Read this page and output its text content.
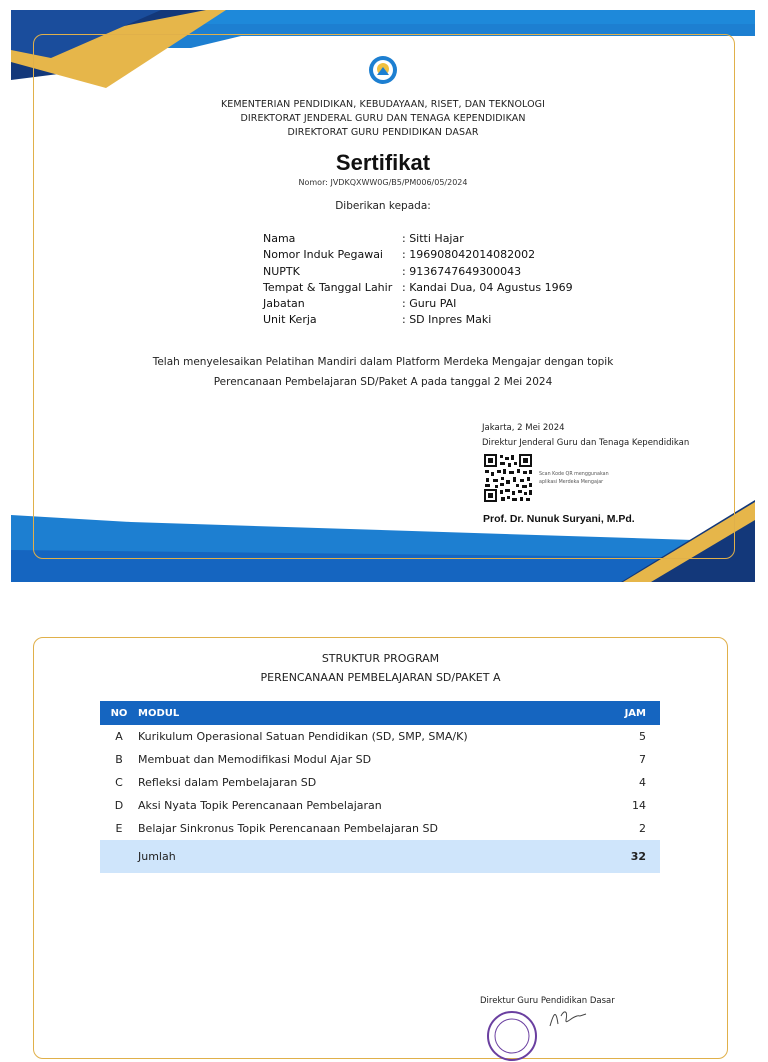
KEMENTERIAN PENDIDIKAN, KEBUDAYAAN, RISET, DAN TEKNOLOGI
DIREKTORAT JENDERAL GURU DAN TENAGA KEPENDIDIKAN
DIREKTORAT GURU PENDIDIKAN DASAR
Sertifikat
Nomor: JVDKQXWW0G/B5/PM006/05/2024
Diberikan kepada:
Nama	: Sitti Hajar
Nomor Induk Pegawai	: 196908042014082002
NUPTK	: 9136747649300043
Tempat & Tanggal Lahir : Kandai Dua, 04 Agustus 1969
Jabatan	: Guru PAI
Unit Kerja	: SD Inpres Maki
Telah menyelesaikan Pelatihan Mandiri dalam Platform Merdeka Mengajar dengan topik
Perencanaan Pembelajaran SD/Paket A pada tanggal 2 Mei 2024
Jakarta, 2 Mei 2024
Direktur Jenderal Guru dan Tenaga Kependidikan
Scan Kode QR menggunakan
aplikasi Merdeka Mengajar
Prof. Dr. Nunuk Suryani, M.Pd.
STRUKTUR PROGRAM
PERENCANAAN PEMBELAJARAN SD/PAKET A
NO	MODUL	JAM
A	Kurikulum Operasional Satuan Pendidikan (SD, SMP, SMA/K)	5
B	Membuat dan Memodifikasi Modul Ajar SD	7
C	Refleksi dalam Pembelajaran SD	4
D	Aksi Nyata Topik Perencanaan Pembelajaran	14
E	Belajar Sinkronus Topik Perencanaan Pembelajaran SD	2
	Jumlah	32
Direktur Guru Pendidikan Dasar
